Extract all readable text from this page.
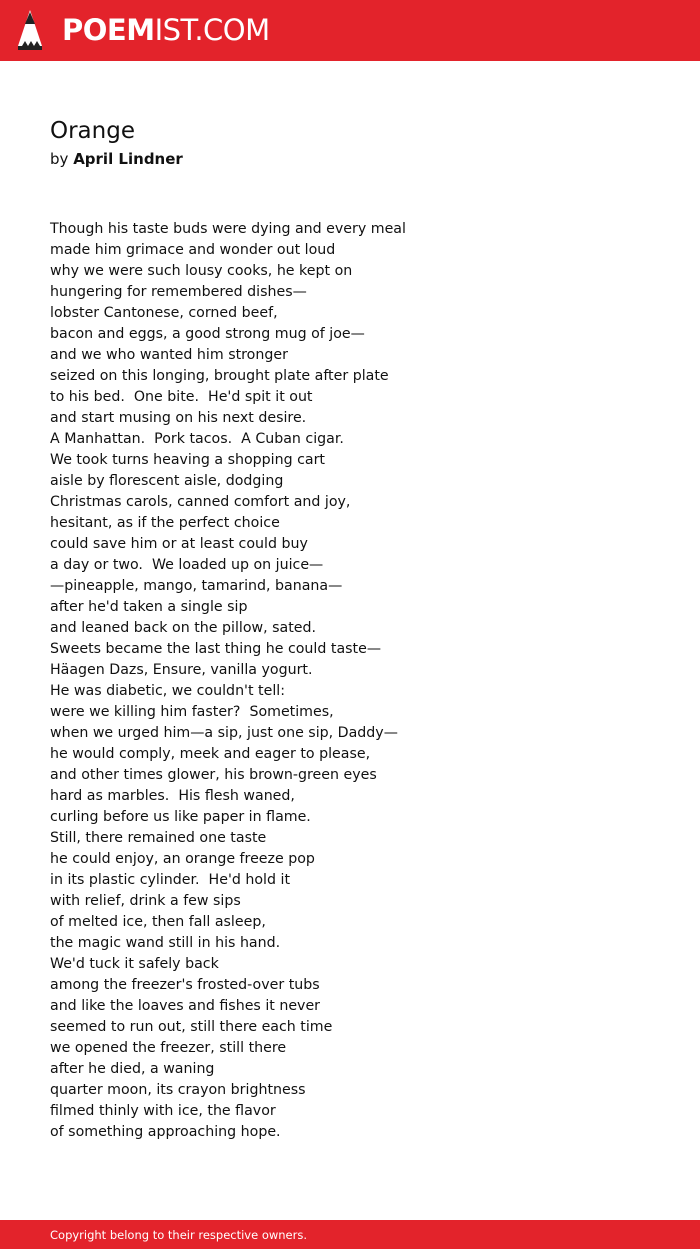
POEMIST.COM
Orange
by April Lindner
Though his taste buds were dying and every meal
made him grimace and wonder out loud
why we were such lousy cooks, he kept on
hungering for remembered dishes—
lobster Cantonese, corned beef,
bacon and eggs, a good strong mug of joe—
and we who wanted him stronger
seized on this longing, brought plate after plate
to his bed.  One bite.  He'd spit it out
and start musing on his next desire.
A Manhattan.  Pork tacos.  A Cuban cigar.
We took turns heaving a shopping cart
aisle by florescent aisle, dodging
Christmas carols, canned comfort and joy,
hesitant, as if the perfect choice
could save him or at least could buy
a day or two.  We loaded up on juice—
—pineapple, mango, tamarind, banana—
after he'd taken a single sip
and leaned back on the pillow, sated.
Sweets became the last thing he could taste—
Häagen Dazs, Ensure, vanilla yogurt.
He was diabetic, we couldn't tell:
were we killing him faster?  Sometimes,
when we urged him—a sip, just one sip, Daddy—
he would comply, meek and eager to please,
and other times glower, his brown-green eyes
hard as marbles.  His flesh waned,
curling before us like paper in flame.
Still, there remained one taste
he could enjoy, an orange freeze pop
in its plastic cylinder.  He'd hold it
with relief, drink a few sips
of melted ice, then fall asleep,
the magic wand still in his hand.
We'd tuck it safely back
among the freezer's frosted-over tubs
and like the loaves and fishes it never
seemed to run out, still there each time
we opened the freezer, still there
after he died, a waning
quarter moon, its crayon brightness
filmed thinly with ice, the flavor
of something approaching hope.
Copyright belong to their respective owners.
